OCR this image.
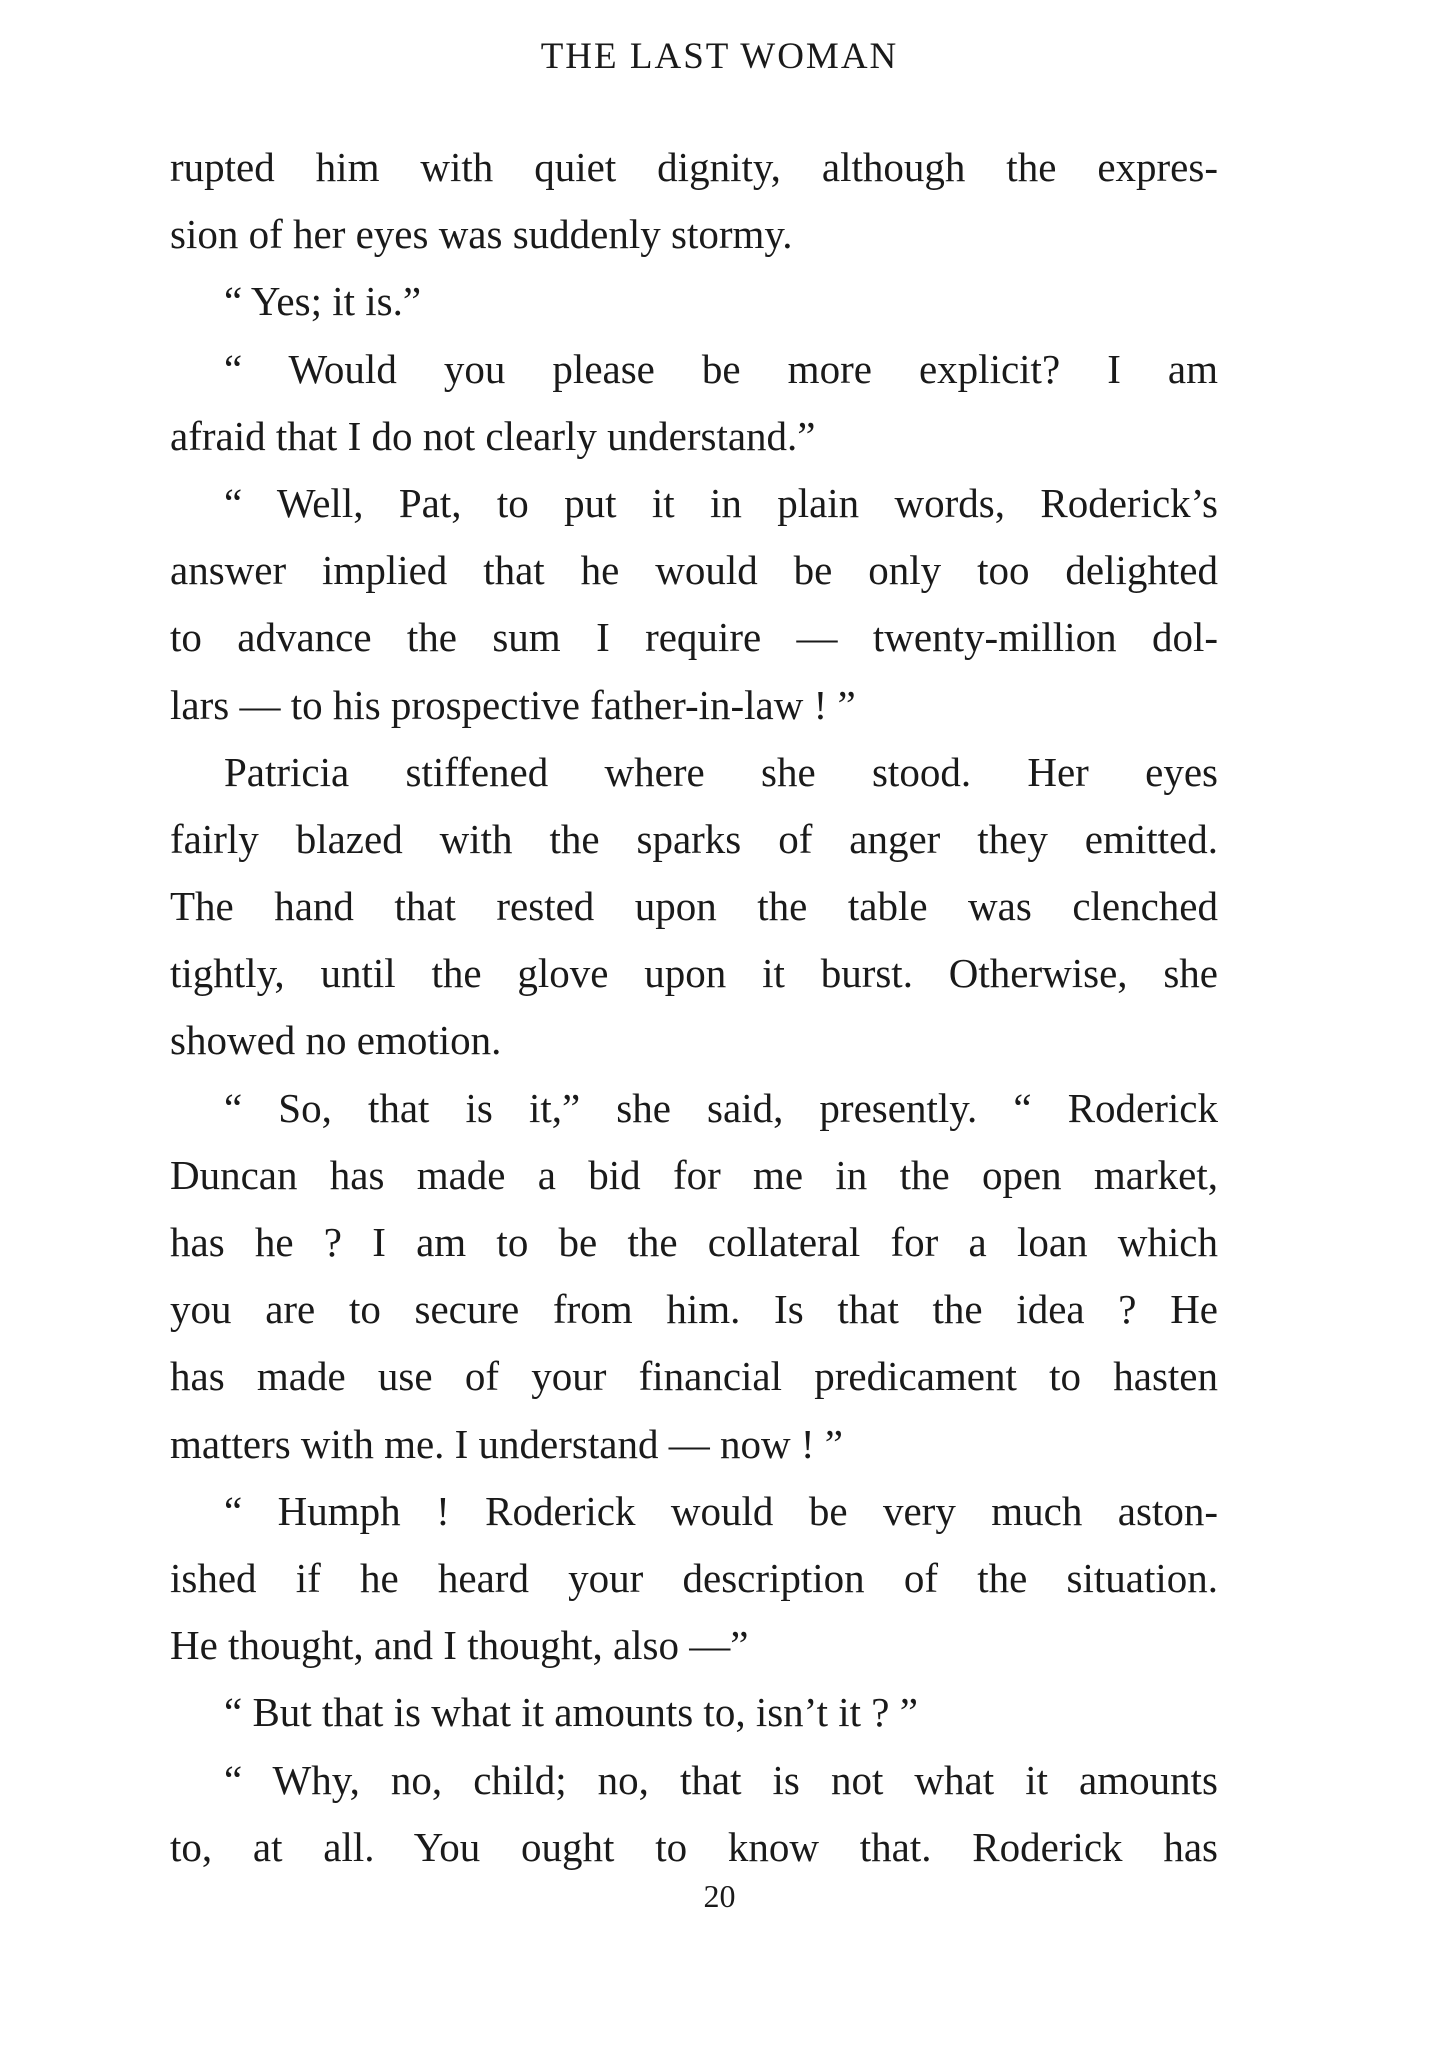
THE LAST WOMAN
rupted him with quiet dignity, although the expres-
sion of her eyes was suddenly stormy.
“ Yes; it is.”
“ Would you please be more explicit? I am
afraid that I do not clearly understand.”
“ Well, Pat, to put it in plain words, Roderick’s
answer implied that he would be only too delighted
to advance the sum I require — twenty-million dol-
lars — to his prospective father-in-law ! ”
Patricia stiffened where she stood. Her eyes
fairly blazed with the sparks of anger they emitted.
The hand that rested upon the table was clenched
tightly, until the glove upon it burst. Otherwise, she
showed no emotion.
“ So, that is it,” she said, presently. “ Roderick
Duncan has made a bid for me in the open market,
has he ? I am to be the collateral for a loan which
you are to secure from him. Is that the idea ? He
has made use of your financial predicament to hasten
matters with me. I understand — now ! ”
“ Humph ! Roderick would be very much aston-
ished if he heard your description of the situation.
He thought, and I thought, also —”
“ But that is what it amounts to, isn’t it ? ”
“ Why, no, child; no, that is not what it amounts
to, at all. You ought to know that. Roderick has
20
